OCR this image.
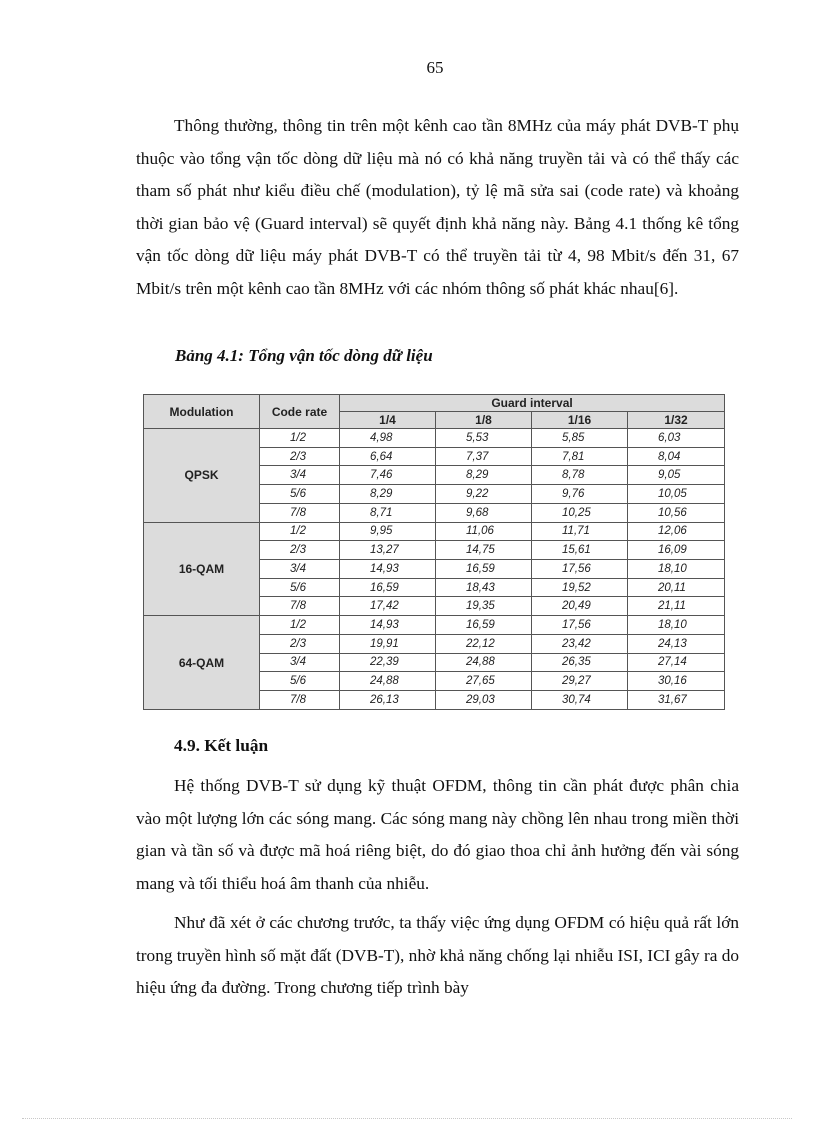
65

Thông thường, thông tin trên một kênh cao tần 8MHz của máy phát DVB-T phụ thuộc vào tổng vận tốc dòng dữ liệu mà nó có khả năng truyền tải và có thể thấy các tham số phát như kiểu điều chế (modulation), tỷ lệ mã sửa sai (code rate) và khoảng thời gian bảo vệ (Guard interval) sẽ quyết định khả năng này. Bảng 4.1 thống kê tổng vận tốc dòng dữ liệu máy phát DVB-T có thể truyền tải từ 4, 98 Mbit/s đến 31, 67 Mbit/s trên một kênh cao tần 8MHz với các nhóm thông số phát khác nhau[6].

Bảng 4.1: Tổng vận tốc dòng dữ liệu

Modulation	Code rate	Guard interval			
		1/4	1/8	1/16	1/32
QPSK	1/2	4,98	5,53	5,85	6,03
	2/3	6,64	7,37	7,81	8,04
	3/4	7,46	8,29	8,78	9,05
	5/6	8,29	9,22	9,76	10,05
	7/8	8,71	9,68	10,25	10,56
16-QAM	1/2	9,95	11,06	11,71	12,06
	2/3	13,27	14,75	15,61	16,09
	3/4	14,93	16,59	17,56	18,10
	5/6	16,59	18,43	19,52	20,11
	7/8	17,42	19,35	20,49	21,11
64-QAM	1/2	14,93	16,59	17,56	18,10
	2/3	19,91	22,12	23,42	24,13
	3/4	22,39	24,88	26,35	27,14
	5/6	24,88	27,65	29,27	30,16
	7/8	26,13	29,03	30,74	31,67

4.9. Kết luận

Hệ thống DVB-T sử dụng kỹ thuật OFDM, thông tin cần phát được phân chia vào một lượng lớn các sóng mang. Các sóng mang này chồng lên nhau trong miền thời gian và tần số và được mã hoá riêng biệt, do đó giao thoa chỉ ảnh hưởng đến vài sóng mang và tối thiểu hoá âm thanh của nhiễu.

Như đã xét ở các chương trước, ta thấy việc ứng dụng OFDM có hiệu quả rất lớn trong truyền hình số mặt đất (DVB-T), nhờ khả năng chống lại nhiễu ISI, ICI gây ra do hiệu ứng đa đường. Trong chương tiếp trình bày
